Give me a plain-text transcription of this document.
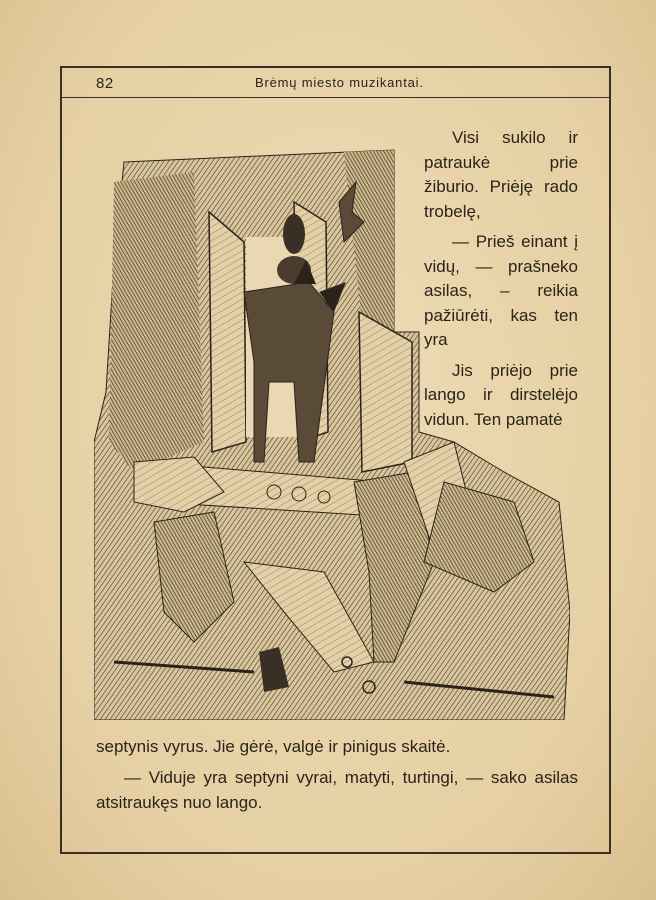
82	Brėmų miesto muzikantai.

Visi sukilo ir patraukė prie žiburio. Priėję rado trobelę,

— Prieš einant į vidų, — prašneko asilas, – reikia pažiūrėti, kas ten yra

Jis priėjo prie lango ir dirstelėjo vidun. Ten pamatė

septynis vyrus. Jie gėrė, valgė ir pinigus skaitė.

— Viduje yra septyni vyrai, matyti, turtingi, — sako asilas atsitraukęs nuo lango.
